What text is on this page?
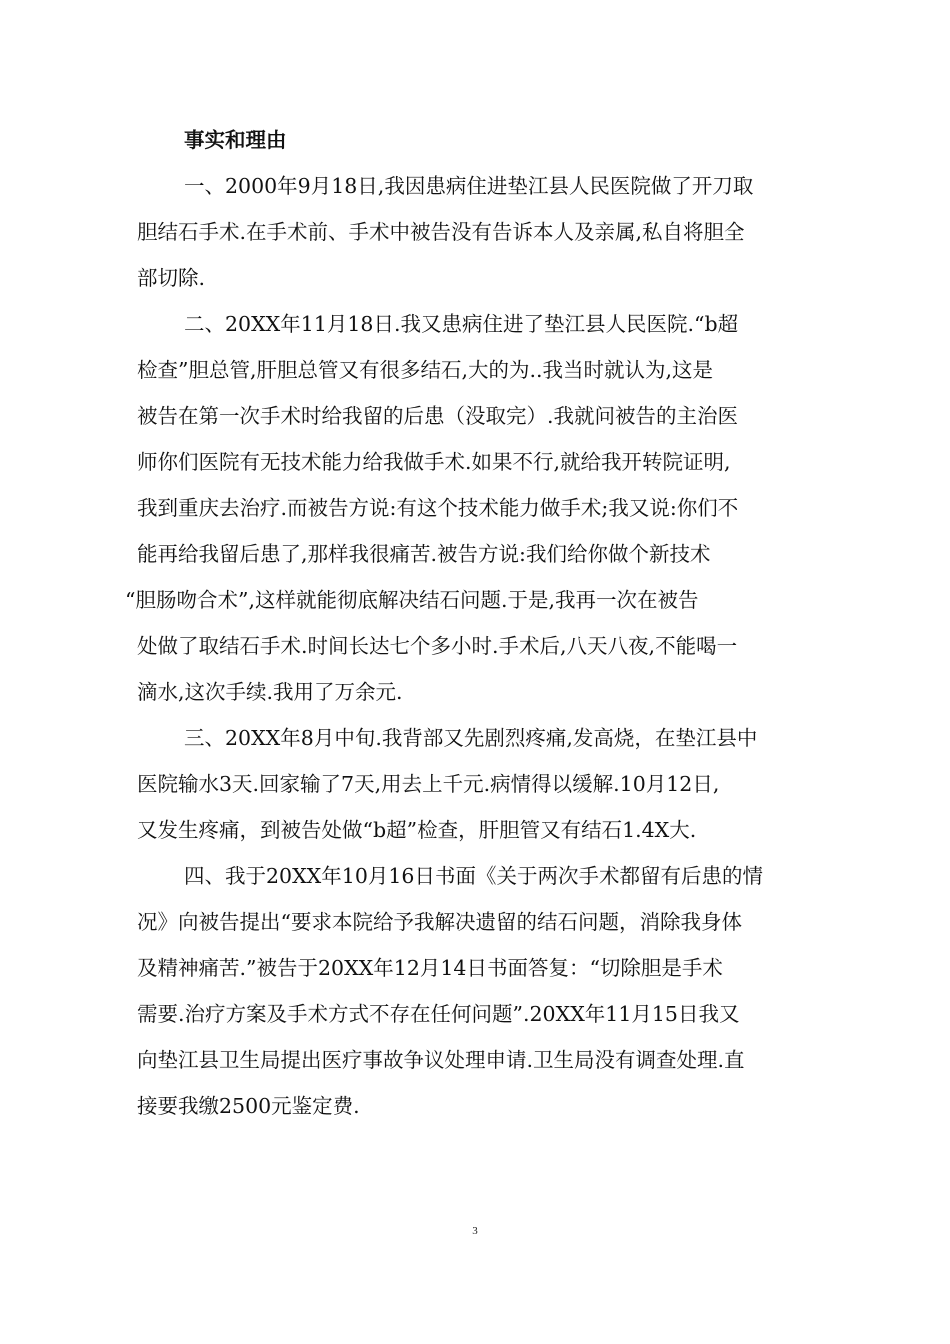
事实和理由

一、2000年9月18日,我因患病住进垫江县人民医院做了开刀取
胆结石手术.在手术前、手术中被告没有告诉本人及亲属,私自将胆全
部切除.

二、20XX年11月18日.我又患病住进了垫江县人民医院.“b超
检查”胆总管,肝胆总管又有很多结石,大的为..我当时就认为,这是
被告在第一次手术时给我留的后患（没取完）.我就问被告的主治医
师你们医院有无技术能力给我做手术.如果不行,就给我开转院证明,
我到重庆去治疗.而被告方说:有这个技术能力做手术;我又说:你们不
能再给我留后患了,那样我很痛苦.被告方说:我们给你做个新技术
“胆肠吻合术”,这样就能彻底解决结石问题.于是,我再一次在被告
处做了取结石手术.时间长达七个多小时.手术后,八天八夜,不能喝一
滴水,这次手续.我用了万余元.

三、20XX年8月中旬.我背部又先剧烈疼痛,发高烧，在垫江县中
医院输水3天.回家输了7天,用去上千元.病情得以缓解.10月12日,
又发生疼痛，到被告处做“b超”检查，肝胆管又有结石1.4X大.

四、我于20XX年10月16日书面《关于两次手术都留有后患的情
况》向被告提出“要求本院给予我解决遗留的结石问题，消除我身体
及精神痛苦.”被告于20XX年12月14日书面答复：“切除胆是手术
需要.治疗方案及手术方式不存在任何问题”.20XX年11月15日我又
向垫江县卫生局提出医疗事故争议处理申请.卫生局没有调查处理.直
接要我缴2500元鉴定费.

3
